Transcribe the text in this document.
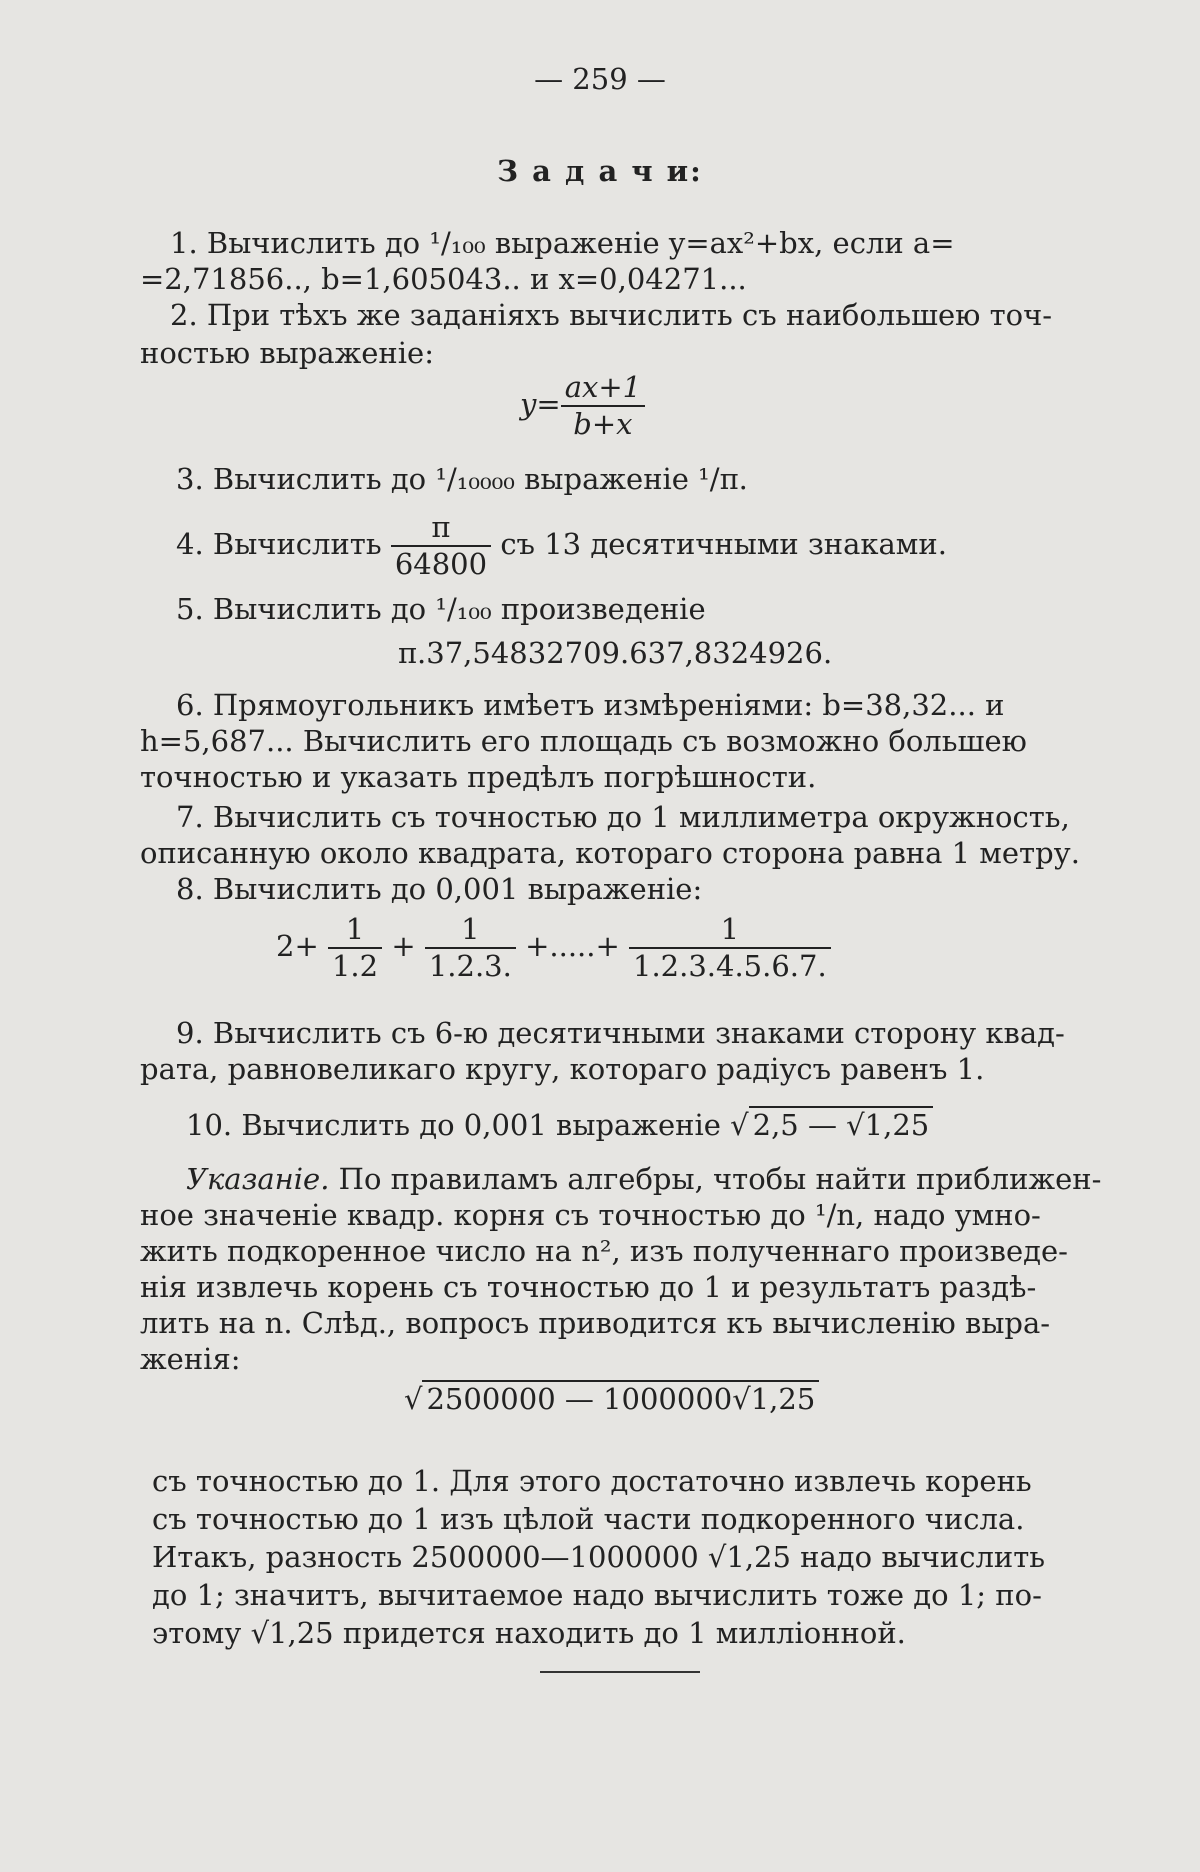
— 259 —
З а д а ч и:
1. Вычислить до ¹/₁₀₀ выраженіе y=ax²+bx, если a=
=2,71856.., b=1,605043.. и x=0,04271...
2. При тѣхъ же заданіяхъ вычислить съ наибольшею точ-
ностью выраженіе:
$y= \frac{ax+1}{b+x}$
3. Вычислить до ¹/₁₀₀₀₀ выраженіе ¹/π.
4. Вычислить $\frac{\pi}{64800}$ съ 13 десятичными знаками.
5. Вычислить до ¹/₁₀₀ произведеніе
π.37,54832709.637,8324926.
6. Прямоугольникъ имѣетъ измѣреніями: b=38,32... и
h=5,687... Вычислить его площадь съ возможно большею
точностью и указать предѣлъ погрѣшности.
7. Вычислить съ точностью до 1 миллиметра окружность,
описанную около квадрата, котораго сторона равна 1 метру.
8. Вычислить до 0,001 выраженіе:
$2+ \frac{1}{1.2} + \frac{1}{1.2.3.}$ +.....+ $\frac{1}{1.2.3.4.5.6.7.}$
9. Вычислить съ 6-ю десятичными знаками сторону квад-
рата, равновеликаго кругу, котораго радіусъ равенъ 1.
10. Вычислить до 0,001 выраженіе √ 2,5 — √1,25
Указаніе. По правиламъ алгебры, чтобы найти приближен-
ное значеніе квадр. корня съ точностью до ¹/n, надо умно-
жить подкоренное число на n², изъ полученнаго произведе-
нія извлечь корень съ точностью до 1 и результатъ раздѣ-
лить на n. Слѣд., вопросъ приводится къ вычисленію выра-
женія:
√ 2500000 — 1000000√1,25
съ точностью до 1. Для этого достаточно извлечь корень
съ точностью до 1 изъ цѣлой части подкоренного числа.
Итакъ, разность 2500000—1000000 √1,25 надо вычислить
до 1; значитъ, вычитаемое надо вычислить тоже до 1; по-
этому √1,25 придется находить до 1 милліонной.
